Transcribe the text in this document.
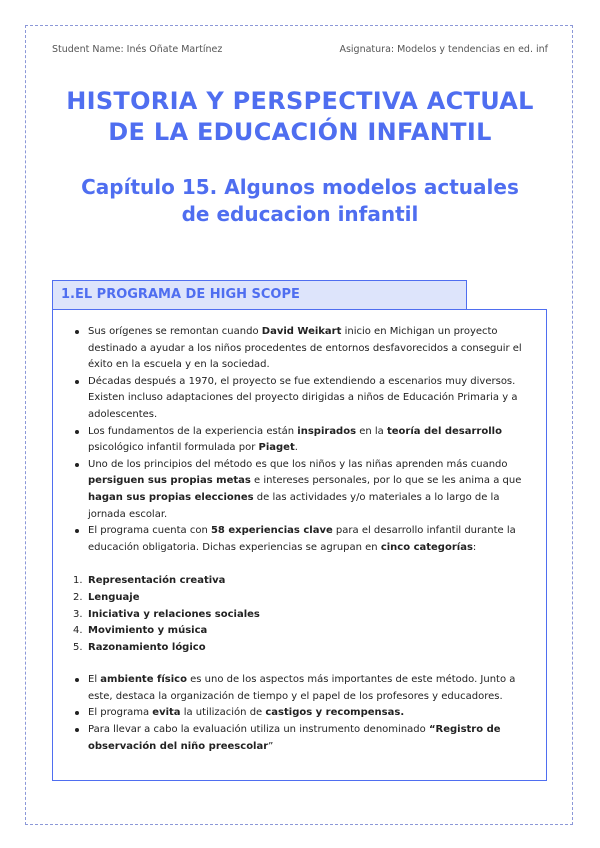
Student Name: Inés Oñate Martínez	Asignatura: Modelos y tendencias en ed. inf
HISTORIA Y PERSPECTIVA ACTUAL
DE LA EDUCACIÓN INFANTIL
Capítulo 15. Algunos modelos actuales
de educacion infantil
1.EL PROGRAMA DE HIGH SCOPE
Sus orígenes se remontan cuando David Weikart inicio en Michigan un proyecto destinado a ayudar a los niños procedentes de entornos desfavorecidos a conseguir el éxito en la escuela y en la sociedad.
Décadas después a 1970, el proyecto se fue extendiendo a escenarios muy diversos. Existen incluso adaptaciones del proyecto dirigidas a niños de Educación Primaria y a adolescentes.
Los fundamentos de la experiencia están inspirados en la teoría del desarrollo psicológico infantil formulada por Piaget.
Uno de los principios del método es que los niños y las niñas aprenden más cuando persiguen sus propias metas e intereses personales, por lo que se les anima a que hagan sus propias elecciones de las actividades y/o materiales a lo largo de la jornada escolar.
El programa cuenta con 58 experiencias clave para el desarrollo infantil durante la educación obligatoria. Dichas experiencias se agrupan en cinco categorías:
1. Representación creativa
2. Lenguaje
3. Iniciativa y relaciones sociales
4. Movimiento y música
5. Razonamiento lógico
El ambiente físico es uno de los aspectos más importantes de este método. Junto a este, destaca la organización de tiempo y el papel de los profesores y educadores.
El programa evita la utilización de castigos y recompensas.
Para llevar a cabo la evaluación utiliza un instrumento denominado “Registro de observación del niño preescolar”
